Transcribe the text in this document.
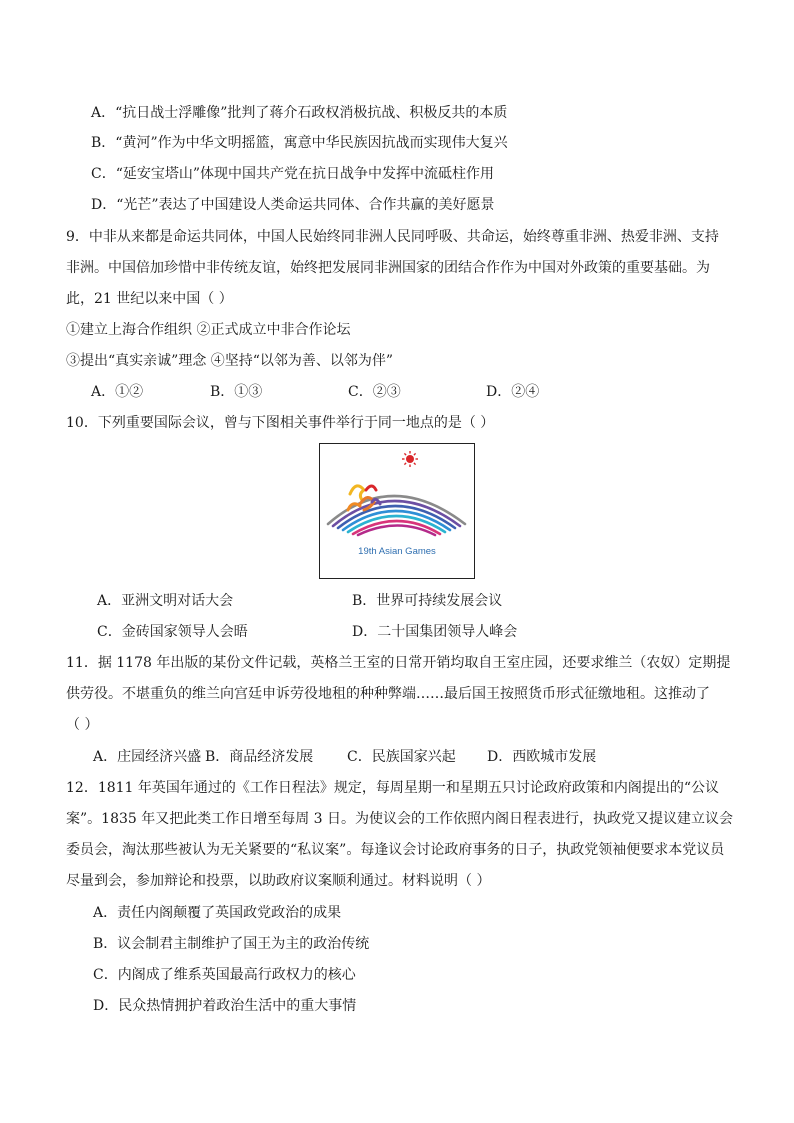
A．“抗日战士浮雕像”批判了蒋介石政权消极抗战、积极反共的本质
B．“黄河”作为中华文明摇篮，寓意中华民族因抗战而实现伟大复兴
C．“延安宝塔山”体现中国共产党在抗日战争中发挥中流砥柱作用
D．“光芒”表达了中国建设人类命运共同体、合作共赢的美好愿景
9．中非从来都是命运共同体，中国人民始终同非洲人民同呼吸、共命运，始终尊重非洲、热爱非洲、支持
非洲。中国倍加珍惜中非传统友谊，始终把发展同非洲国家的团结合作作为中国对外政策的重要基础。为
此，21 世纪以来中国（ ）
①建立上海合作组织 ②正式成立中非合作论坛
③提出“真实亲诚”理念 ④坚持“以邻为善、以邻为伴”
A．①②	B．①③	C．②③	D．②④
10．下列重要国际会议，曾与下图相关事件举行于同一地点的是（ ）
19th Asian Games
A．亚洲文明对话大会	B．世界可持续发展会议
C．金砖国家领导人会晤	D．二十国集团领导人峰会
11．据 1178 年出版的某份文件记载，英格兰王室的日常开销均取自王室庄园，还要求维兰（农奴）定期提
供劳役。不堪重负的维兰向宫廷申诉劳役地租的种种弊端……最后国王按照货币形式征缴地租。这推动了
（ ）
A．庄园经济兴盛 B．商品经济发展 C．民族国家兴起 D．西欧城市发展
12．1811 年英国年通过的《工作日程法》规定，每周星期一和星期五只讨论政府政策和内阁提出的“公议
案”。1835 年又把此类工作日增至每周 3 日。为使议会的工作依照内阁日程表进行，执政党又提议建立议会
委员会，淘汰那些被认为无关紧要的“私议案”。每逢议会讨论政府事务的日子，执政党领袖便要求本党议员
尽量到会，参加辩论和投票，以助政府议案顺利通过。材料说明（ ）
A．责任内阁颠覆了英国政党政治的成果
B．议会制君主制维护了国王为主的政治传统
C．内阁成了维系英国最高行政权力的核心
D．民众热情拥护着政治生活中的重大事情
